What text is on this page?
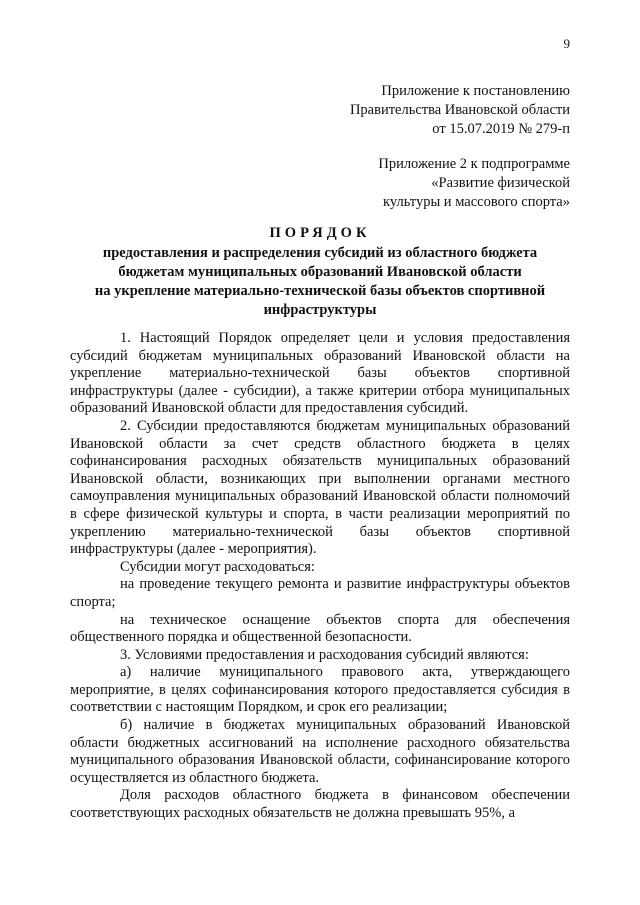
9
Приложение к постановлению
Правительства Ивановской области
от 15.07.2019 № 279-п
Приложение 2 к подпрограмме
«Развитие физической
культуры и массового спорта»
ПОРЯДОК
предоставления и распределения субсидий из областного бюджета
бюджетам муниципальных образований Ивановской области
на укрепление материально-технической базы объектов спортивной
инфраструктуры

1. Настоящий Порядок определяет цели и условия предоставления субсидий бюджетам муниципальных образований Ивановской области на укрепление материально-технической базы объектов спортивной инфраструктуры (далее - субсидии), а также критерии отбора муниципальных образований Ивановской области для предоставления субсидий.

2. Субсидии предоставляются бюджетам муниципальных образований Ивановской области за счет средств областного бюджета в целях софинансирования расходных обязательств муниципальных образований Ивановской области, возникающих при выполнении органами местного самоуправления муниципальных образований Ивановской области полномочий в сфере физической культуры и спорта, в части реализации мероприятий по укреплению материально-технической базы объектов спортивной инфраструктуры (далее - мероприятия).

Субсидии могут расходоваться:

на проведение текущего ремонта и развитие инфраструктуры объектов спорта;

на техническое оснащение объектов спорта для обеспечения общественного порядка и общественной безопасности.

3. Условиями предоставления и расходования субсидий являются:

а) наличие муниципального правового акта, утверждающего мероприятие, в целях софинансирования которого предоставляется субсидия в соответствии с настоящим Порядком, и срок его реализации;

б) наличие в бюджетах муниципальных образований Ивановской области бюджетных ассигнований на исполнение расходного обязательства муниципального образования Ивановской области, софинансирование которого осуществляется из областного бюджета.

Доля расходов областного бюджета в финансовом обеспечении соответствующих расходных обязательств не должна превышать 95%, а
